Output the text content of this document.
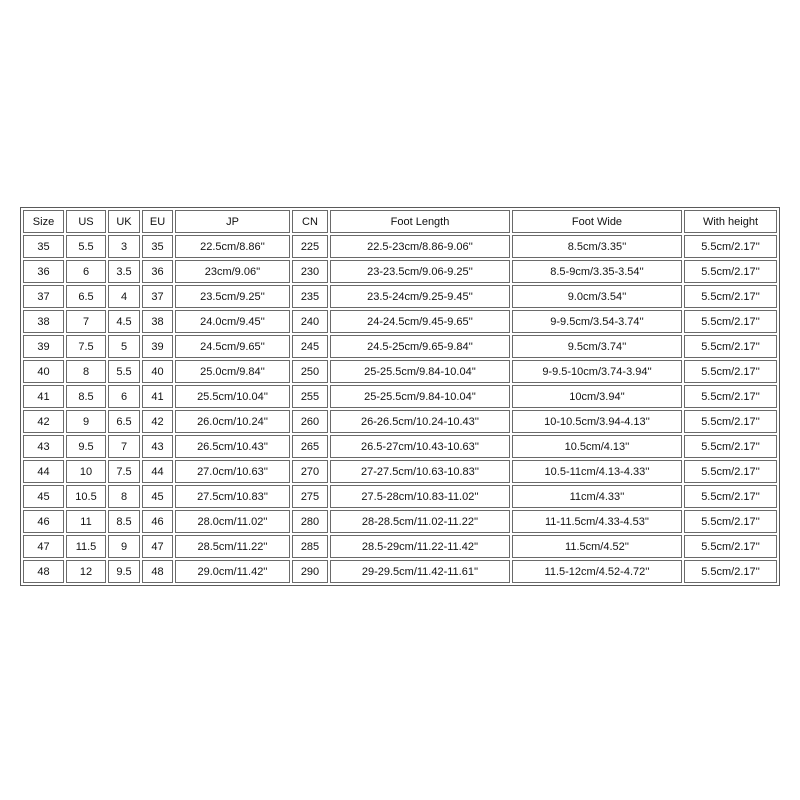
Size	US	UK	EU	JP	CN	Foot Length	Foot Wide	With height
35	5.5	3	35	22.5cm/8.86''	225	22.5-23cm/8.86-9.06''	8.5cm/3.35''	5.5cm/2.17''
36	6	3.5	36	23cm/9.06''	230	23-23.5cm/9.06-9.25''	8.5-9cm/3.35-3.54''	5.5cm/2.17''
37	6.5	4	37	23.5cm/9.25''	235	23.5-24cm/9.25-9.45''	9.0cm/3.54''	5.5cm/2.17''
38	7	4.5	38	24.0cm/9.45''	240	24-24.5cm/9.45-9.65''	9-9.5cm/3.54-3.74''	5.5cm/2.17''
39	7.5	5	39	24.5cm/9.65''	245	24.5-25cm/9.65-9.84''	9.5cm/3.74''	5.5cm/2.17''
40	8	5.5	40	25.0cm/9.84''	250	25-25.5cm/9.84-10.04''	9-9.5-10cm/3.74-3.94''	5.5cm/2.17''
41	8.5	6	41	25.5cm/10.04''	255	25-25.5cm/9.84-10.04''	10cm/3.94''	5.5cm/2.17''
42	9	6.5	42	26.0cm/10.24''	260	26-26.5cm/10.24-10.43''	10-10.5cm/3.94-4.13''	5.5cm/2.17''
43	9.5	7	43	26.5cm/10.43''	265	26.5-27cm/10.43-10.63''	10.5cm/4.13''	5.5cm/2.17''
44	10	7.5	44	27.0cm/10.63''	270	27-27.5cm/10.63-10.83''	10.5-11cm/4.13-4.33''	5.5cm/2.17''
45	10.5	8	45	27.5cm/10.83''	275	27.5-28cm/10.83-11.02''	11cm/4.33''	5.5cm/2.17''
46	11	8.5	46	28.0cm/11.02''	280	28-28.5cm/11.02-11.22''	11-11.5cm/4.33-4.53''	5.5cm/2.17''
47	11.5	9	47	28.5cm/11.22''	285	28.5-29cm/11.22-11.42''	11.5cm/4.52''	5.5cm/2.17''
48	12	9.5	48	29.0cm/11.42''	290	29-29.5cm/11.42-11.61''	11.5-12cm/4.52-4.72''	5.5cm/2.17''
